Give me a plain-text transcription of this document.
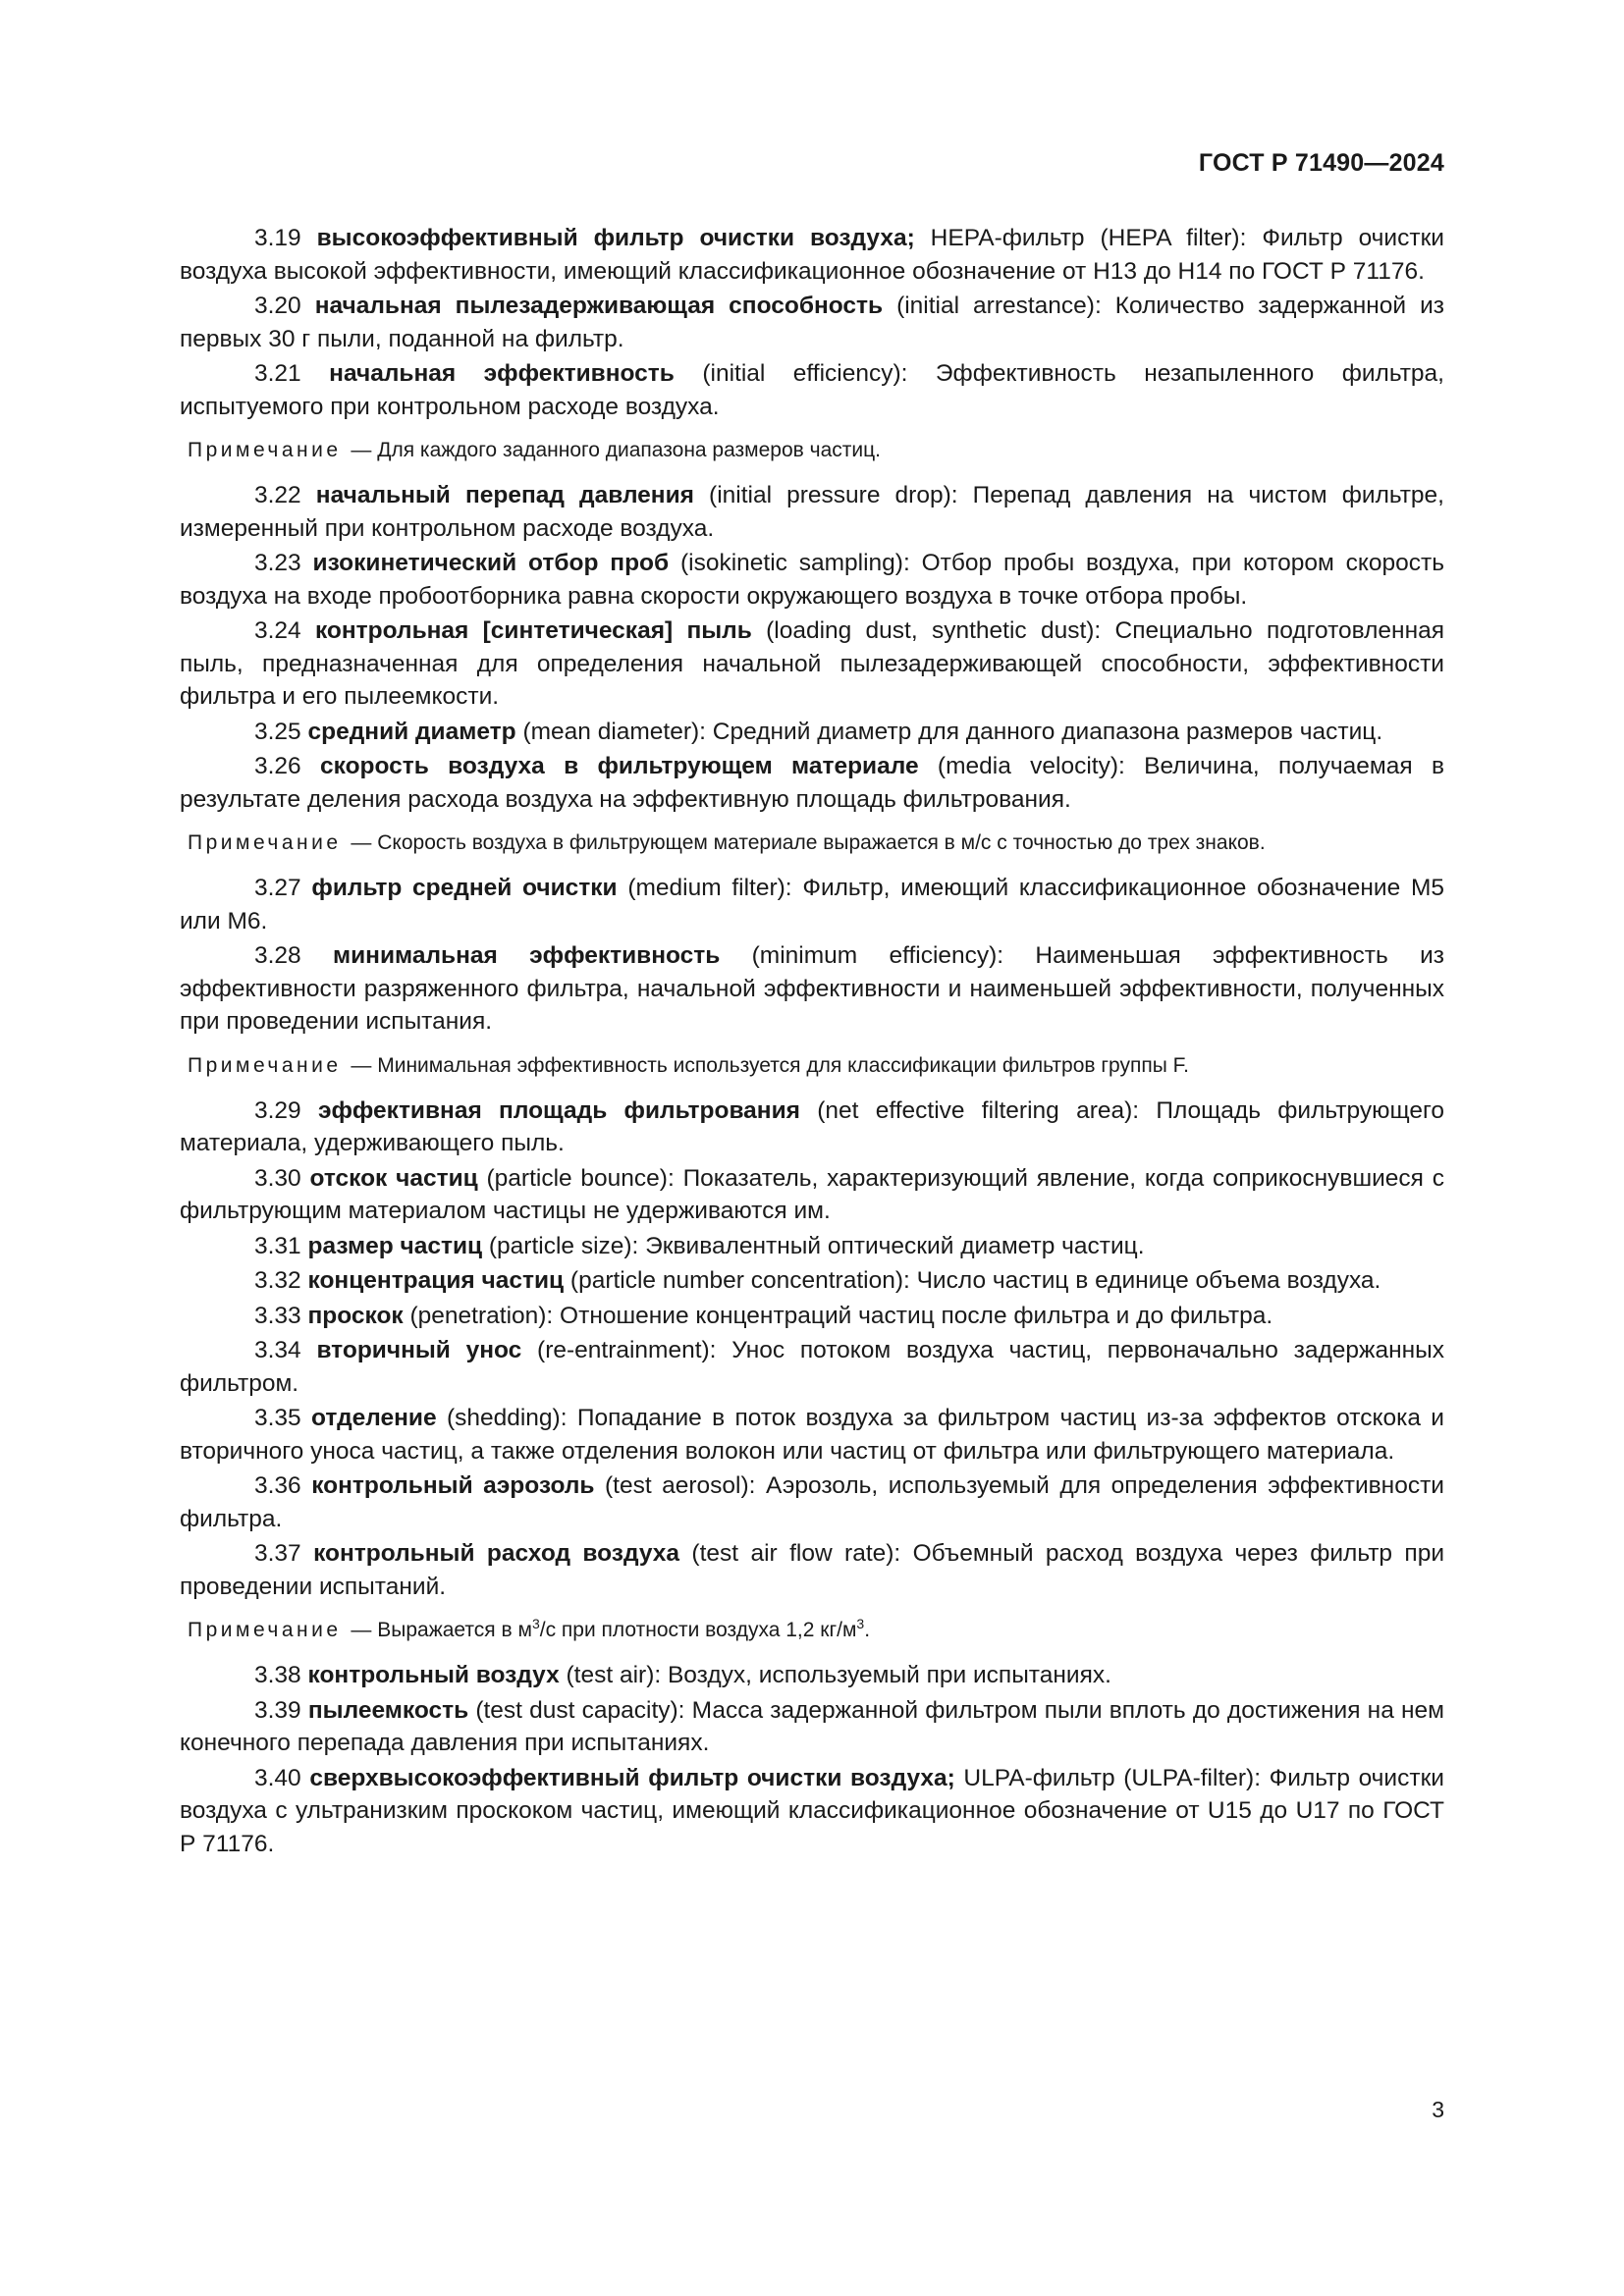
ГОСТ Р 71490—2024

3.19 высокоэффективный фильтр очистки воздуха; HEPA-фильтр (HEPA filter): Фильтр очистки воздуха высокой эффективности, имеющий классификационное обозначение от Н13 до Н14 по ГОСТ Р 71176.

3.20 начальная пылезадерживающая способность (initial arrestance): Количество задержанной из первых 30 г пыли, поданной на фильтр.

3.21 начальная эффективность (initial efficiency): Эффективность незапыленного фильтра, испытуемого при контрольном расходе воздуха.

Примечание — Для каждого заданного диапазона размеров частиц.

3.22 начальный перепад давления (initial pressure drop): Перепад давления на чистом фильтре, измеренный при контрольном расходе воздуха.

3.23 изокинетический отбор проб (isokinetic sampling): Отбор пробы воздуха, при котором скорость воздуха на входе пробоотборника равна скорости окружающего воздуха в точке отбора пробы.

3.24 контрольная [синтетическая] пыль (loading dust, synthetic dust): Специально подготовленная пыль, предназначенная для определения начальной пылезадерживающей способности, эффективности фильтра и его пылеемкости.

3.25 средний диаметр (mean diameter): Средний диаметр для данного диапазона размеров частиц.

3.26 скорость воздуха в фильтрующем материале (media velocity): Величина, получаемая в результате деления расхода воздуха на эффективную площадь фильтрования.

Примечание — Скорость воздуха в фильтрующем материале выражается в м/с с точностью до трех знаков.

3.27 фильтр средней очистки (medium filter): Фильтр, имеющий классификационное обозначение М5 или М6.

3.28 минимальная эффективность (minimum efficiency): Наименьшая эффективность из эффективности разряженного фильтра, начальной эффективности и наименьшей эффективности, полученных при проведении испытания.

Примечание — Минимальная эффективность используется для классификации фильтров группы F.

3.29 эффективная площадь фильтрования (net effective filtering area): Площадь фильтрующего материала, удерживающего пыль.

3.30 отскок частиц (particle bounce): Показатель, характеризующий явление, когда соприкоснувшиеся с фильтрующим материалом частицы не удерживаются им.

3.31 размер частиц (particle size): Эквивалентный оптический диаметр частиц.

3.32 концентрация частиц (particle number concentration): Число частиц в единице объема воздуха.

3.33 проскок (penetration): Отношение концентраций частиц после фильтра и до фильтра.

3.34 вторичный унос (re-entrainment): Унос потоком воздуха частиц, первоначально задержанных фильтром.

3.35 отделение (shedding): Попадание в поток воздуха за фильтром частиц из-за эффектов отскока и вторичного уноса частиц, а также отделения волокон или частиц от фильтра или фильтрующего материала.

3.36 контрольный аэрозоль (test aerosol): Аэрозоль, используемый для определения эффективности фильтра.

3.37 контрольный расход воздуха (test air flow rate): Объемный расход воздуха через фильтр при проведении испытаний.

Примечание — Выражается в $м^3/с$ при плотности воздуха 1,2 $кг/м^3$.

3.38 контрольный воздух (test air): Воздух, используемый при испытаниях.

3.39 пылеемкость (test dust capacity): Масса задержанной фильтром пыли вплоть до достижения на нем конечного перепада давления при испытаниях.

3.40 сверхвысокоэффективный фильтр очистки воздуха; ULPA-фильтр (ULPA-filter): Фильтр очистки воздуха с ультранизким проскоком частиц, имеющий классификационное обозначение от U15 до U17 по ГОСТ Р 71176.

3
